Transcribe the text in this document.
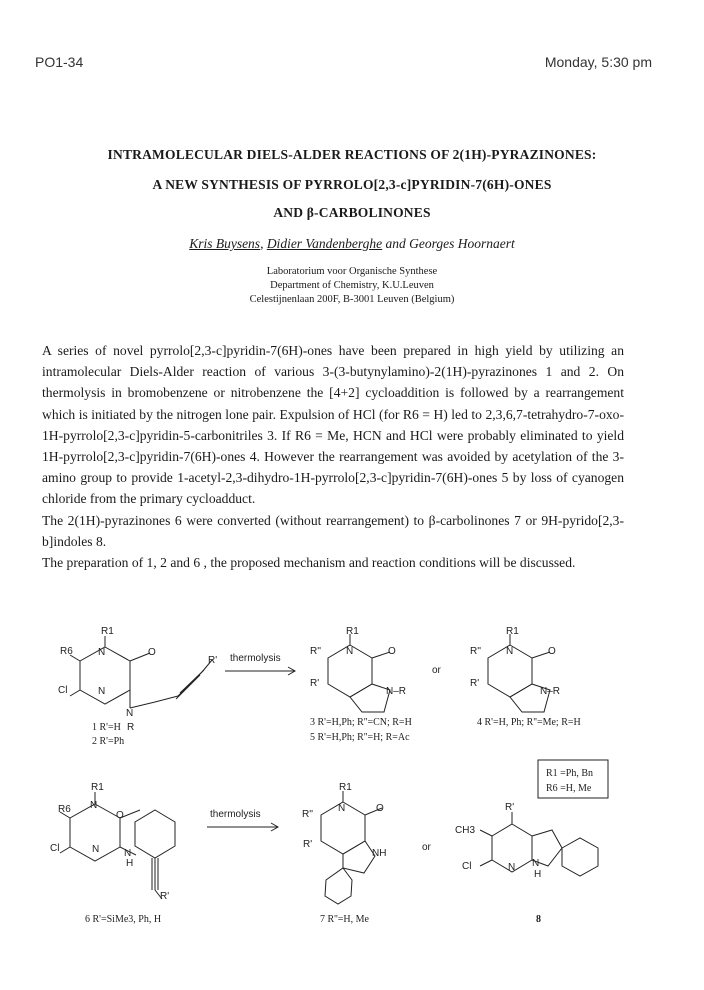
PO1-34	Monday, 5:30 pm
INTRAMOLECULAR DIELS-ALDER REACTIONS OF 2(1H)-PYRAZINONES:
A NEW SYNTHESIS OF PYRROLO[2,3-c]PYRIDIN-7(6H)-ONES
AND β-CARBOLINONES
Kris Buysens, Didier Vandenberghe and Georges Hoornaert
Laboratorium voor Organische Synthese
Department of Chemistry, K.U.Leuven
Celestijnenlaan 200F, B-3001 Leuven (Belgium)

A series of novel pyrrolo[2,3-c]pyridin-7(6H)-ones have been prepared in high yield by utilizing an intramolecular Diels-Alder reaction of various 3-(3-butynylamino)-2(1H)-pyrazinones 1 and 2. On thermolysis in bromobenzene or nitrobenzene the [4+2] cycloaddition is followed by a rearrangement which is initiated by the nitrogen lone pair. Expulsion of HCl (for R6 = H) led to 2,3,6,7-tetrahydro-7-oxo-1H-pyrrolo[2,3-c]pyridin-5-carbonitriles 3. If R6 = Me, HCN and HCl were probably eliminated to yield 1H-pyrrolo[2,3-c]pyridin-7(6H)-ones 4. However the rearrangement was avoided by acetylation of the 3-amino group to provide 1-acetyl-2,3-dihydro-1H-pyrrolo[2,3-c]pyridin-7(6H)-ones 5 by loss of cyanogen chloride from the primary cycloadduct.

The 2(1H)-pyrazinones 6 were converted (without rearrangement) to β-carbolinones 7 or 9H-pyrido[2,3-b]indoles 8.

The preparation of 1, 2 and 6 , the proposed mechanism and reaction conditions will be discussed.

R1
N
R6	O
Cl	N
N
R
R' thermolysis
R1
N
R''	O
R'
N–R
or
R1
N
R''	O
R'
N–R
1 R'=H
2 R'=Ph
3 R'=H,Ph; R''=CN; R=H
5 R'=H,Ph; R''=H; R=Ac
4 R'=H, Ph; R''=Me; R=H
R1 =Ph, Bn
R6 =H, Me
R1
N
R6
O
Cl	N N
H
R'
thermolysis
R1
N
R''
O
R'
NH
or
R'
CH3
Cl	N N
H
6 R'=SiMe3, Ph, H	7 R''=H, Me	8
